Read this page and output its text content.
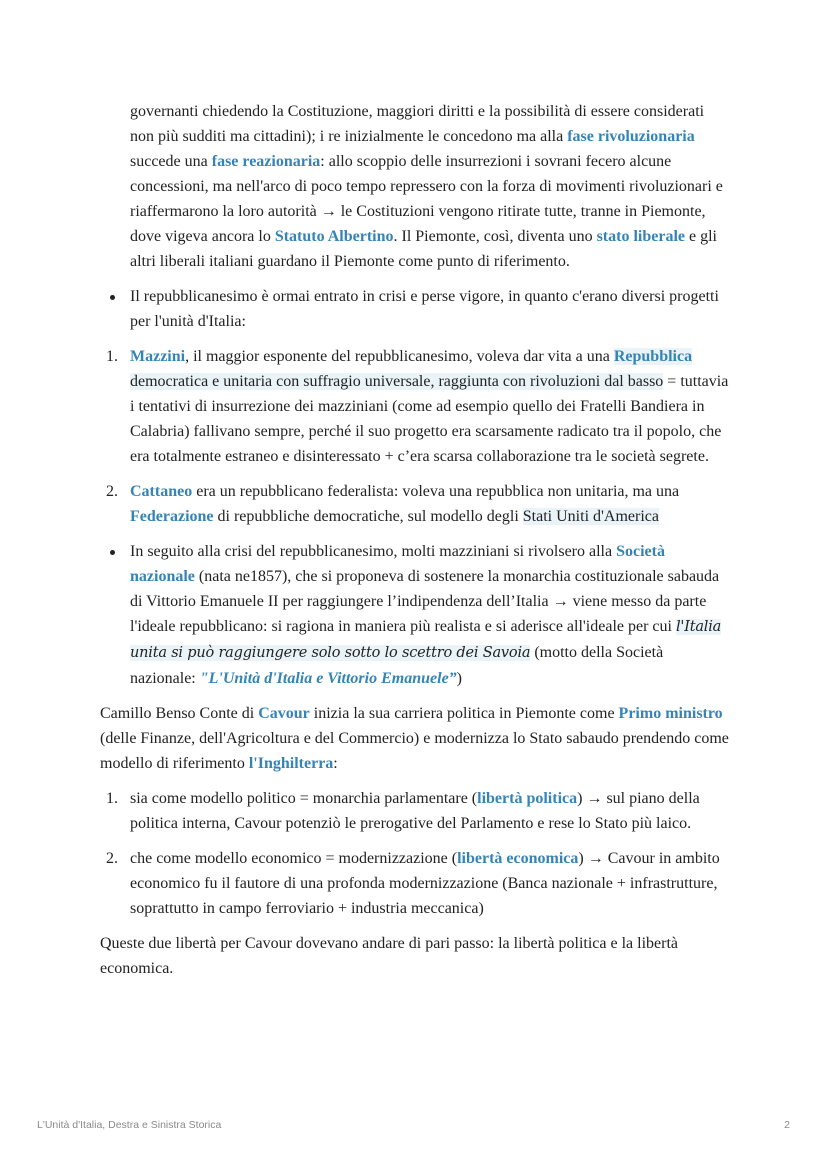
governanti chiedendo la Costituzione, maggiori diritti e la possibilità di essere considerati non più sudditi ma cittadini); i re inizialmente le concedono ma alla fase rivoluzionaria succede una fase reazionaria: allo scoppio delle insurrezioni i sovrani fecero alcune concessioni, ma nell'arco di poco tempo repressero con la forza di movimenti rivoluzionari e riaffermarono la loro autorità → le Costituzioni vengono ritirate tutte, tranne in Piemonte, dove vigeva ancora lo Statuto Albertino. Il Piemonte, così, diventa uno stato liberale e gli altri liberali italiani guardano il Piemonte come punto di riferimento.

Il repubblicanesimo è ormai entrato in crisi e perse vigore, in quanto c'erano diversi progetti per l'unità d'Italia:

1. Mazzini, il maggior esponente del repubblicanesimo, voleva dar vita a una Repubblica democratica e unitaria con suffragio universale, raggiunta con rivoluzioni dal basso = tuttavia i tentativi di insurrezione dei mazziniani (come ad esempio quello dei Fratelli Bandiera in Calabria) fallivano sempre, perché il suo progetto era scarsamente radicato tra il popolo, che era totalmente estraneo e disinteressato + c’era scarsa collaborazione tra le società segrete.

2. Cattaneo era un repubblicano federalista: voleva una repubblica non unitaria, ma una Federazione di repubbliche democratiche, sul modello degli Stati Uniti d'America

In seguito alla crisi del repubblicanesimo, molti mazziniani si rivolsero alla Società nazionale (nata ne1857), che si proponeva di sostenere la monarchia costituzionale sabauda di Vittorio Emanuele II per raggiungere l’indipendenza dell’Italia → viene messo da parte l'ideale repubblicano: si ragiona in maniera più realista e si aderisce all'ideale per cui l'Italia unita si può raggiungere solo sotto lo scettro dei Savoia (motto della Società nazionale: "L'Unità d'Italia e Vittorio Emanuele”)

Camillo Benso Conte di Cavour inizia la sua carriera politica in Piemonte come Primo ministro (delle Finanze, dell'Agricoltura e del Commercio) e modernizza lo Stato sabaudo prendendo come modello di riferimento l'Inghilterra:

1. sia come modello politico = monarchia parlamentare (libertà politica) → sul piano della politica interna, Cavour potenziò le prerogative del Parlamento e rese lo Stato più laico.

2. che come modello economico = modernizzazione (libertà economica) → Cavour in ambito economico fu il fautore di una profonda modernizzazione (Banca nazionale + infrastrutture, soprattutto in campo ferroviario + industria meccanica)

Queste due libertà per Cavour dovevano andare di pari passo: la libertà politica e la libertà economica.

L'Unità d'Italia, Destra e Sinistra Storica	2
